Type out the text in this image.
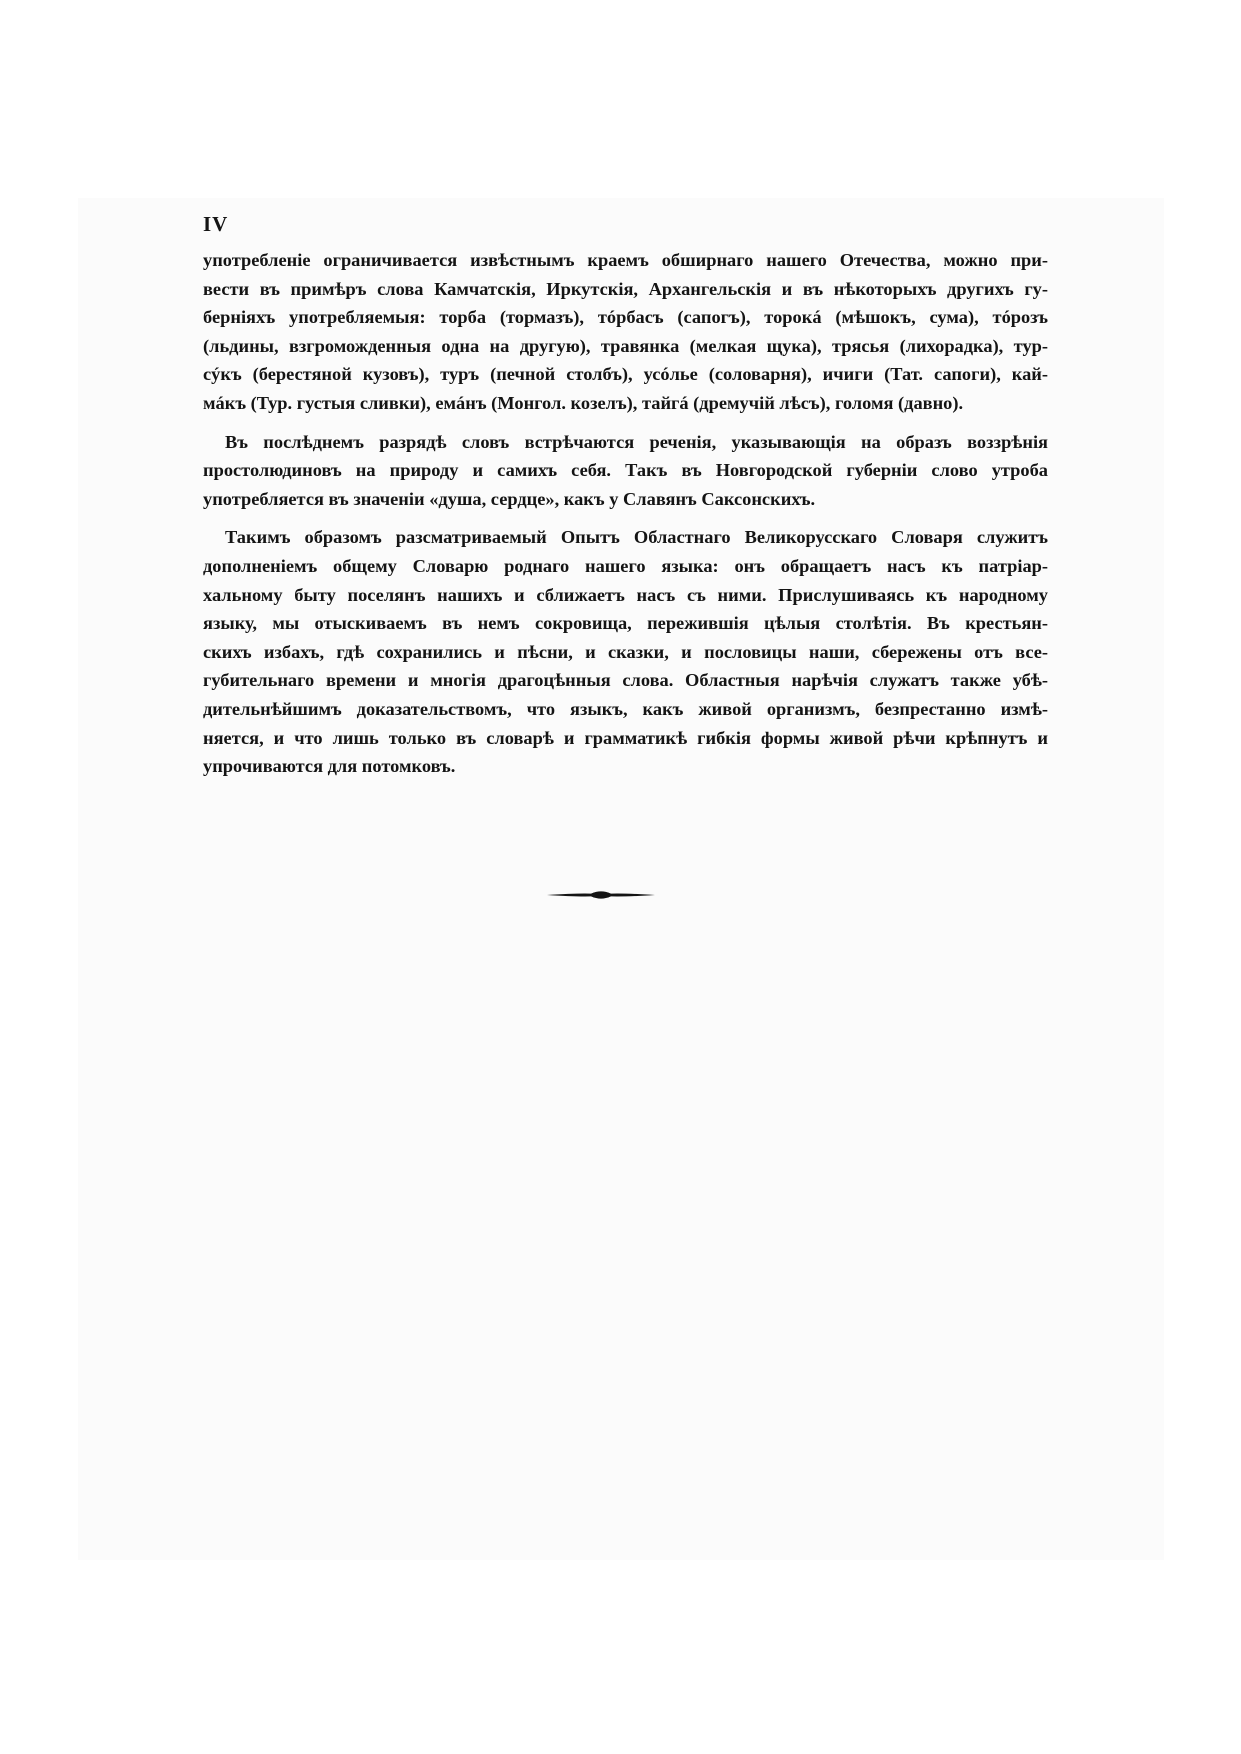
IV
употребленіе ограничивается извѣстнымъ краемъ обширнаго нашего Отечества, можно при-
вести въ примѣръ слова Камчатскія, Иркутскія, Архангельскія и въ нѣкоторыхъ другихъ гу-
берніяхъ употребляемыя: торба (тормазъ), тóрбасъ (сапогъ), торокá (мѣшокъ, сума), тóрозъ
(льдины, взгроможденныя одна на другую), травянка (мелкая щука), трясья (лихорадка), тур-
сýкъ (берестяной кузовъ), туръ (печной столбъ), усóлье (соловарня), ичиги (Тат. сапоги), кай-
мáкъ (Тур. густыя сливки), емáнъ (Монгол. козелъ), тайгá (дремучій лѣсъ), голомя (давно).
Въ послѣднемъ разрядѣ словъ встрѣчаются реченія, указывающія на образъ воззрѣнія
простолюдиновъ на природу и самихъ себя. Такъ въ Новгородской губерніи слово утроба
употребляется въ значеніи «душа, сердце», какъ у Славянъ Саксонскихъ.
Такимъ образомъ разсматриваемый Опытъ Областнаго Великорусскаго Словаря служитъ
дополненіемъ общему Словарю роднаго нашего языка: онъ обращаетъ насъ къ патріар-
хальному быту поселянъ нашихъ и сближаетъ насъ съ ними. Прислушиваясь къ народному
языку, мы отыскиваемъ въ немъ сокровища, пережившія цѣлыя столѣтія. Въ крестьян-
скихъ избахъ, гдѣ сохранились и пѣсни, и сказки, и пословицы наши, сбережены отъ все-
губительнаго времени и многія драгоцѣнныя слова. Областныя нарѣчія служатъ также убѣ-
дительнѣйшимъ доказательствомъ, что языкъ, какъ живой организмъ, безпрестанно измѣ-
няется, и что лишь только въ словарѣ и грамматикѣ гибкія формы живой рѣчи крѣпнутъ и
упрочиваются для потомковъ.
